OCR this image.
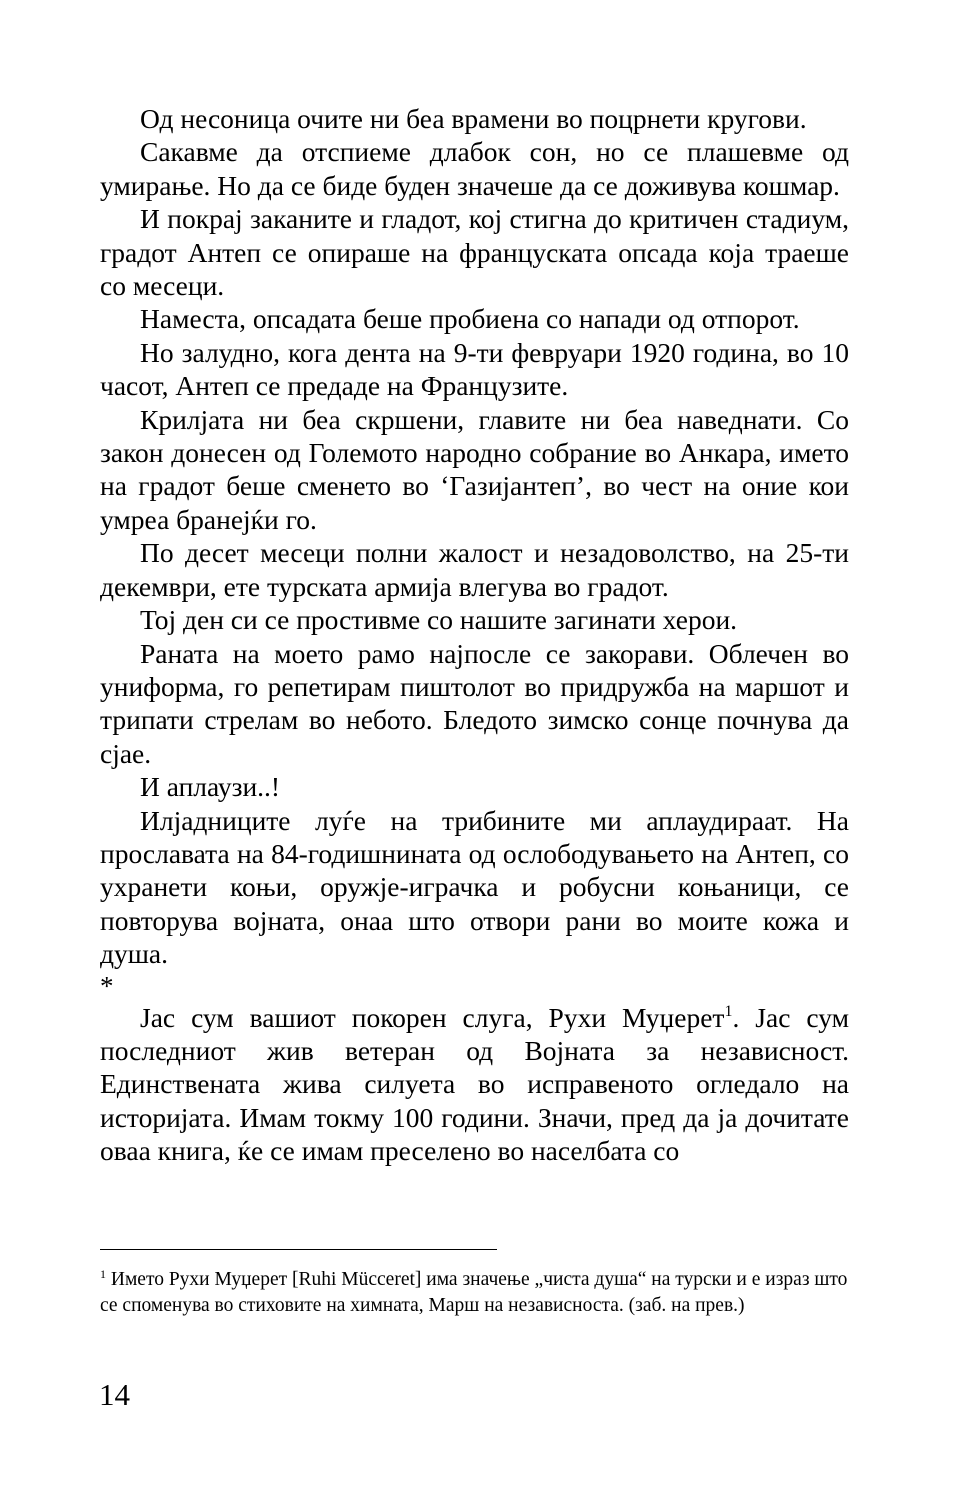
Од несоница очите ни беа врамени во поцрнети кругови.

Сакавме да отспиеме длабок сон, но се плашевме од умирање. Но да се биде буден значеше да се доживува кошмар.

И покрај заканите и гладот, кој стигна до критичен стадиум, градот Антеп се опираше на француската опсада која траеше со месеци.

Наместа, опсадата беше пробиена со напади од отпорот.

Но залудно, кога дента на 9-ти февруари 1920 година, во 10 часот, Антеп се предаде на Французите.

Крилјата ни беа скршени, главите ни беа наведнати. Со закон донесен од Големото народно собрание во Анкара, името на градот беше сменето во ‘Газијантеп’, во чест на оние кои умреа бранејќи го.

По десет месеци полни жалост и незадоволство, на 25-ти декември, ете турската армија влегува во градот.

Тој ден си се простивме со нашите загинати херои.

Раната на моето рамо најпосле се закорави. Облечен во униформа, го репетирам пиштолот во придружба на маршот и трипати стрелам во небото. Бледото зимско сонце почнува да сјае.

И аплаузи..!

Илјадниците луѓе на трибините ми аплаудираат. На прославата на 84-годишнината од ослободувањето на Антеп, со ухранети коњи, оружје-играчка и робусни коњаници, се повторува војната, онаа што отвори рани во моите кожа и душа.

*

Јас сум вашиот покорен слуга, Рухи Муџерет$^1$. Јас сум последниот жив ветеран од Војната за независност. Единствената жива силуета во исправеното огледало на историјата. Имам токму 100 години. Значи, пред да ја дочитате оваа книга, ќе се имам преселено во населбата со

$^1$ Името Рухи Муџерет [Ruhi Mücceret] има значење „чиста душа“ на турски и е израз што се споменува во стиховите на химната, Марш на независноста. (заб. на прев.)
14
